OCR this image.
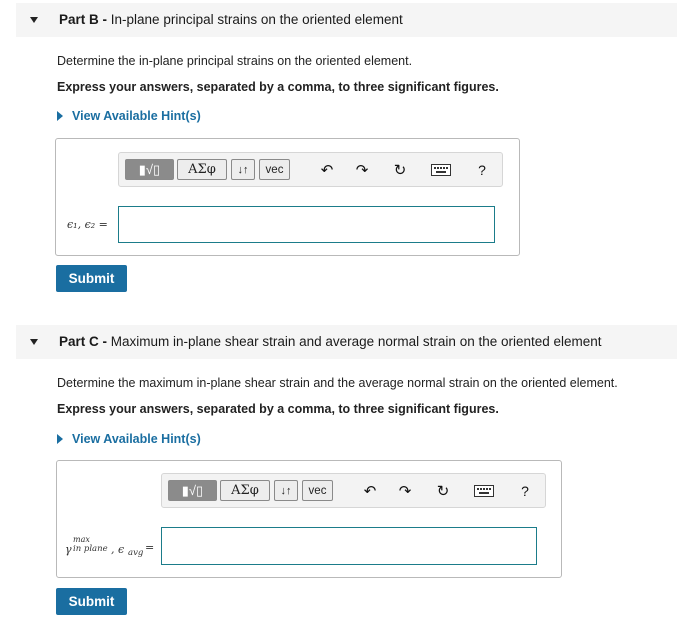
Part B - In-plane principal strains on the oriented element
Determine the in-plane principal strains on the oriented element.
Express your answers, separated by a comma, to three significant figures.
View Available Hint(s)
▮√▯	ΑΣφ	↓↑	vec	↶	↷	↻	?
ϵ₁, ϵ₂ =
Submit
Part C - Maximum in-plane shear strain and average normal strain on the oriented element
Determine the maximum in-plane shear strain and the average normal strain on the oriented element.
Express your answers, separated by a comma, to three significant figures.
View Available Hint(s)
▮√▯	ΑΣφ	↓↑	vec	↶	↷	↻	?
max
γ in plane , ϵ avg =
Submit
